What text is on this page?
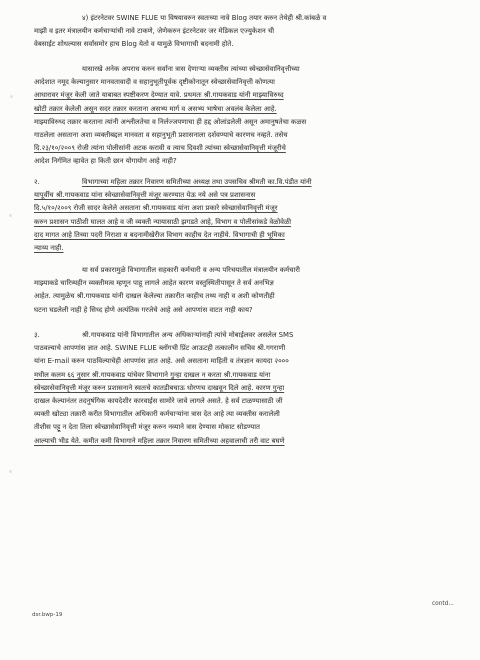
४) इंटरनेटवर SWINE FLUE या विषयावरुन स्वतःच्या नावे Blog तयार करुन तेथेही श्री.कांबळे व
माझी व इतर मंत्रालयीन कर्मचाऱ्यांची नावे टाकणे, जेणेकरुन इंटरनेटवर जर मेडिकल एज्युकेशन ची
वेबसाईट शोधल्यास सर्वांसमोर हाच Blog येतो व यामुळे विभागाची बदनामी होते.
यासारखे अनेक अपराध करुन सर्वांना त्रास देणाऱ्या व्यक्तीस त्यांच्या स्वेच्छासेवानिवृत्तीच्या
आदेशात नमूद केल्यानुसार मानवतावादी व सहानुभूतीपूर्वक दृष्टीकोनातून स्वेच्छासेवानिवृत्ती कोणत्या
आधारावर मंजूर केली जाते याबाबत स्पष्टीकरण देण्यात यावे. प्रथमतः श्री.गायकवाड यांनी माझ्याविरुध्द
खोटी तक्रार केलेली असून सदर तक्रार करताना असभ्य मार्ग व असभ्य भाषेचा अवलंब केलेला आहे.
माझ्याविरुध्द तक्रार करताना त्यांनी अश्लीलतेचा व निर्लज्जपणाचा ही हद्द ओलांडलेली असून अमानुषतेचा कळस
गाठलेला असताना अशा व्यक्तीबद्दल मानवता व सहानुभूती प्रशासनाला दर्शवण्याचे कारणच नव्हते. तसेच
दि.२३/१०/२००९ रोजी त्यांना पोलीसांनी अटक करावी व त्याच दिवशी त्यांच्या स्वेच्छासेवानिवृत्ती मंजूरीचे
आदेश निर्गमित व्हावेत हा किती छान योगायोग आहे नाही?
२.	विभागाच्या महिला तक्रार निवारण समितीच्या अध्यक्ष तथा उपसचिव श्रीमती का.वि.पंडीत यांनी
यापूर्वीच श्री.गायकवाड यांना स्वेच्छासेवानिवृत्ती मंजूर करण्यात येऊ नये असे पत्र प्रशासनास
दि.५/१०/२००९ रोजी सादर केलेले असताना श्री.गायकवाड यांना अशा प्रकारे स्वेच्छासेवानिवृत्ती मंजूर
करुन प्रशासन पाठीशी घालत आहे व जी व्यक्ती न्यायासाठी झगडते आहे, विभाग व पोलीसांकडे वेळोवेळी
दाद मागत आहे तिच्या पदरी निराशा व बदनामीखेरीज विभाग काहीच देत नाहीये. विभागाची ही भूमिका
न्याय्य नाही.
या सर्व प्रकारामुळे विभागातील सहकारी कर्मचारी व अन्य परिचयातील मंत्रालयीन कर्मचारी
माझ्याकडे चारित्र्यहीन व्यक्तीमत्व म्हणून पाहू लागले आहेत कारण वस्तुस्थितीपासून ते सर्व अनभिज्ञ
आहेत. त्यामुळेच श्री.गायकवाड यांनी दाखल केलेल्या तक्रारीत काहीच तथ्य नाही व अशी कोणतीही
घटना घडलेली नाही हे सिध्द होणे अत्यंतिक गरजेचे आहे असे आपणांस वाटत नाही काय?
३.	श्री.गायकवाड यांनी विभागातील अन्य अधिकाऱ्यांनाही त्यांचे मोबाईलवर असलेल SMS
पाठवल्याचे आपणांस ज्ञात आहे. SWINE FLUE ब्लॉगची प्रिंट आऊटही तत्कालीन सचिव श्री.गगराणी
यांना E-mail करुन पाठविल्याचेही आपणांस ज्ञात आहे. असे असताना माहिती व तंत्रज्ञान कायदा २०००
मधील कलम ६६ नुसार श्री.गायकवाड यांचेवर विभागाने गुन्हा दाखल न करता श्री.गायकवाड यांना
स्वेच्छासेवानिवृत्ती मंजूर करुन प्रशासनाने स्वतःचे कातडीबचाऊ धोरणच दाखवून दिले आहे. कारण गुन्हा
दाखल केल्यानंतर तदनुषंगिक कायदेशीर कारवाईस सामोरे जावे लागले असते. हे सर्व टाळण्यासाठी जी
व्यक्ती खोट्या तक्रारी करीत विभागातील अधिकारी कर्मचाऱ्यांना त्रास देत आहे त्या व्यक्तीस करालेली
तीशीस पट्टू न देता तिला स्वेच्छासेवानिवृत्ती मंजूर करुन नव्याने त्रास देण्यास मोकाट सोडण्यात
आल्याची भीड येते. कमीत कमी विभागाने महिला तक्रार निवारण समितीच्या अहवालाची तरी वाट बघणे
contd...
dsr.bwp-19
